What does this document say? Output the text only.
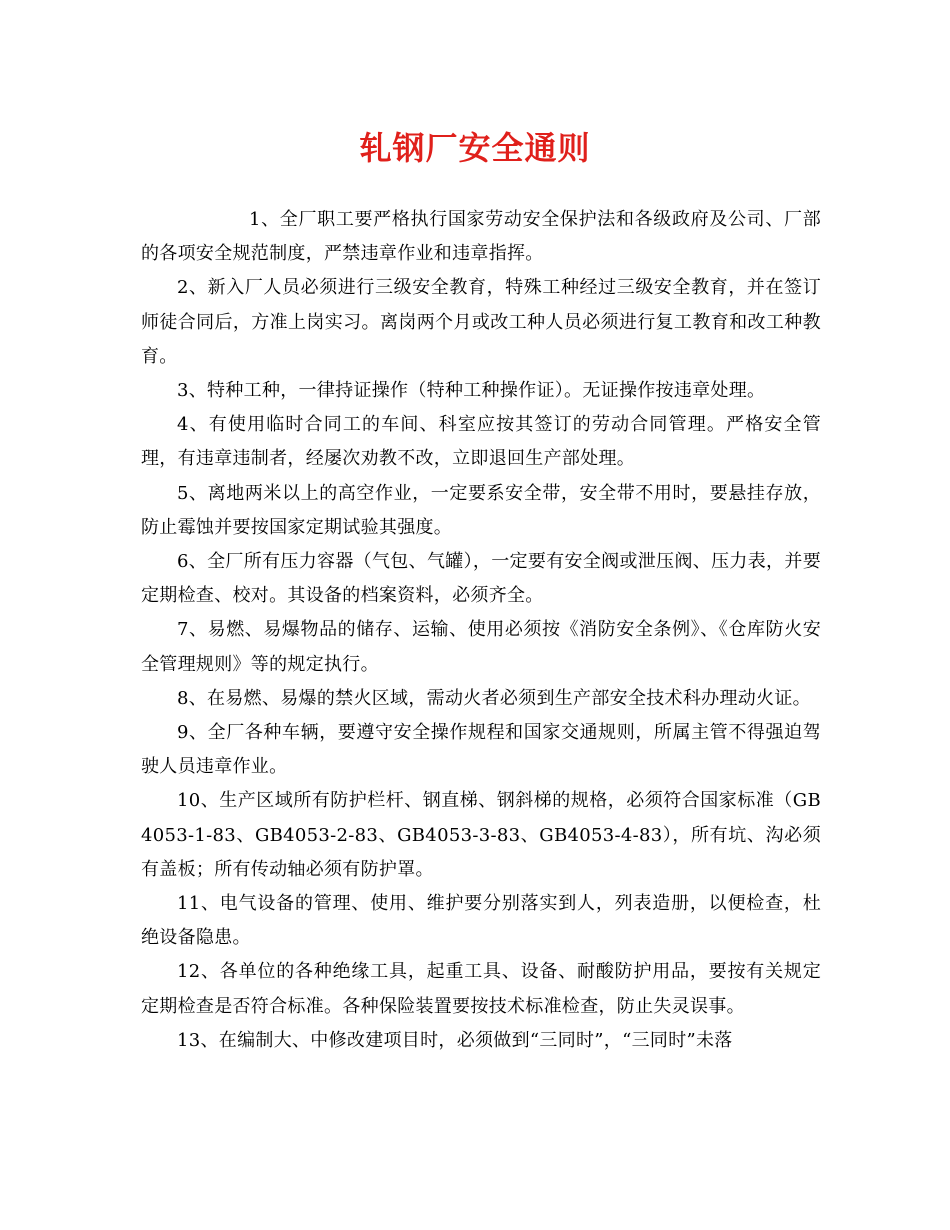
轧钢厂安全通则

1、全厂职工要严格执行国家劳动安全保护法和各级政府及公司、厂部的各项安全规范制度，严禁违章作业和违章指挥。

2、新入厂人员必须进行三级安全教育，特殊工种经过三级安全教育，并在签订师徒合同后，方准上岗实习。离岗两个月或改工种人员必须进行复工教育和改工种教育。

3、特种工种，一律持证操作（特种工种操作证）。无证操作按违章处理。

4、有使用临时合同工的车间、科室应按其签订的劳动合同管理。严格安全管理，有违章违制者，经屡次劝教不改，立即退回生产部处理。

5、离地两米以上的高空作业，一定要系安全带，安全带不用时，要悬挂存放，防止霉蚀并要按国家定期试验其强度。

6、全厂所有压力容器（气包、气罐），一定要有安全阀或泄压阀、压力表，并要定期检查、校对。其设备的档案资料，必须齐全。

7、易燃、易爆物品的储存、运输、使用必须按《消防安全条例》、《仓库防火安全管理规则》等的规定执行。

8、在易燃、易爆的禁火区域，需动火者必须到生产部安全技术科办理动火证。

9、全厂各种车辆，要遵守安全操作规程和国家交通规则，所属主管不得强迫驾驶人员违章作业。

10、生产区域所有防护栏杆、钢直梯、钢斜梯的规格，必须符合国家标准（GB4053-1-83、GB4053-2-83、GB4053-3-83、GB4053-4-83），所有坑、沟必须有盖板；所有传动轴必须有防护罩。

11、电气设备的管理、使用、维护要分别落实到人，列表造册，以便检查，杜绝设备隐患。

12、各单位的各种绝缘工具，起重工具、设备、耐酸防护用品，要按有关规定定期检查是否符合标准。各种保险装置要按技术标准检查，防止失灵误事。

13、在编制大、中修改建项目时，必须做到“三同时”，“三同时”未落
